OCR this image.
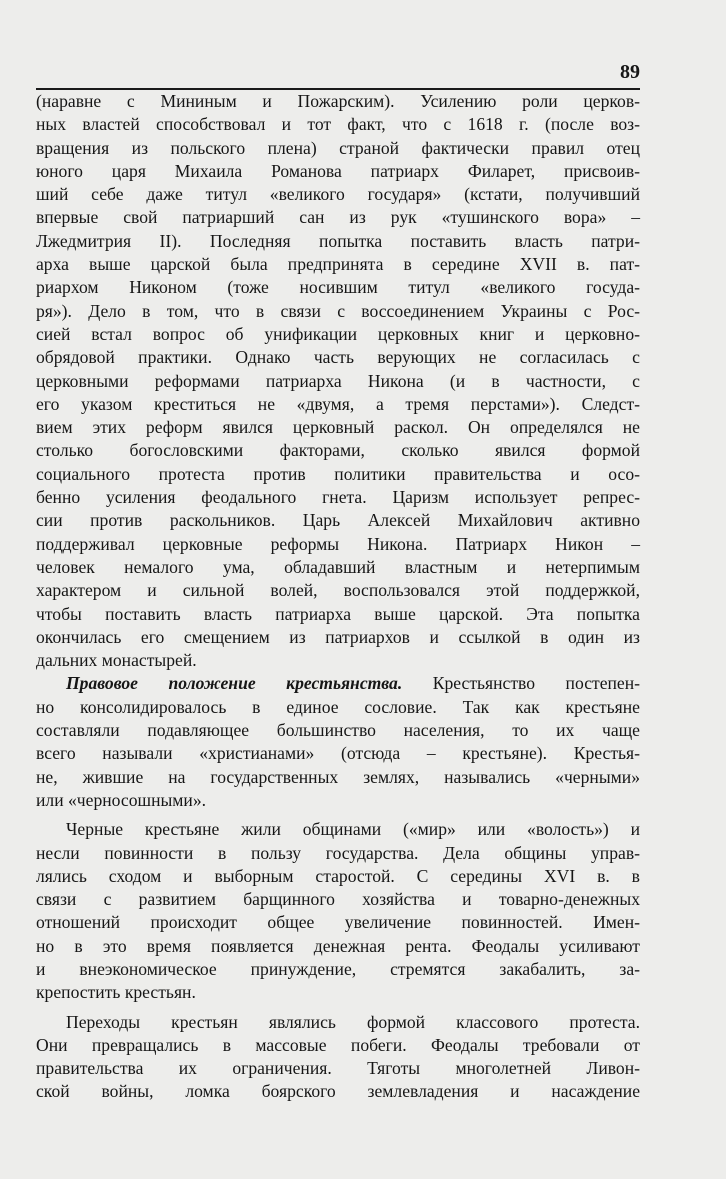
89
(наравне с Мининым и Пожарским). Усилению роли церков-
ных властей способствовал и тот факт, что с 1618 г. (после воз-
вращения из польского плена) страной фактически правил отец
юного царя Михаила Романова патриарх Филарет, присвоив-
ший себе даже титул «великого государя» (кстати, получивший
впервые свой патриарший сан из рук «тушинского вора» –
Лжедмитрия II). Последняя попытка поставить власть патри-
арха выше царской была предпринята в середине XVII в. пат-
риархом Никоном (тоже носившим титул «великого госуда-
ря»). Дело в том, что в связи с воссоединением Украины с Рос-
сией встал вопрос об унификации церковных книг и церковно-
обрядовой практики. Однако часть верующих не согласилась с
церковными реформами патриарха Никона (и в частности, с
его указом креститься не «двумя, а тремя перстами»). Следст-
вием этих реформ явился церковный раскол. Он определялся не
столько богословскими факторами, сколько явился формой
социального протеста против политики правительства и осо-
бенно усиления феодального гнета. Царизм использует репрес-
сии против раскольников. Царь Алексей Михайлович активно
поддерживал церковные реформы Никона. Патриарх Никон –
человек немалого ума, обладавший властным и нетерпимым
характером и сильной волей, воспользовался этой поддержкой,
чтобы поставить власть патриарха выше царской. Эта попытка
окончилась его смещением из патриархов и ссылкой в один из
дальних монастырей.
Правовое положение крестьянства. Крестьянство постепен-
но консолидировалось в единое сословие. Так как крестьяне
составляли подавляющее большинство населения, то их чаще
всего называли «христианами» (отсюда – крестьяне). Крестья-
не, жившие на государственных землях, назывались «черными»
или «черносошными».
Черные крестьяне жили общинами («мир» или «волость») и
несли повинности в пользу государства. Дела общины управ-
лялись сходом и выборным старостой. С середины XVI в. в
связи с развитием барщинного хозяйства и товарно-денежных
отношений происходит общее увеличение повинностей. Имен-
но в это время появляется денежная рента. Феодалы усиливают
и внеэкономическое принуждение, стремятся закабалить, за-
крепостить крестьян.
Переходы крестьян являлись формой классового протеста.
Они превращались в массовые побеги. Феодалы требовали от
правительства их ограничения. Тяготы многолетней Ливон-
ской войны, ломка боярского землевладения и насаждение
